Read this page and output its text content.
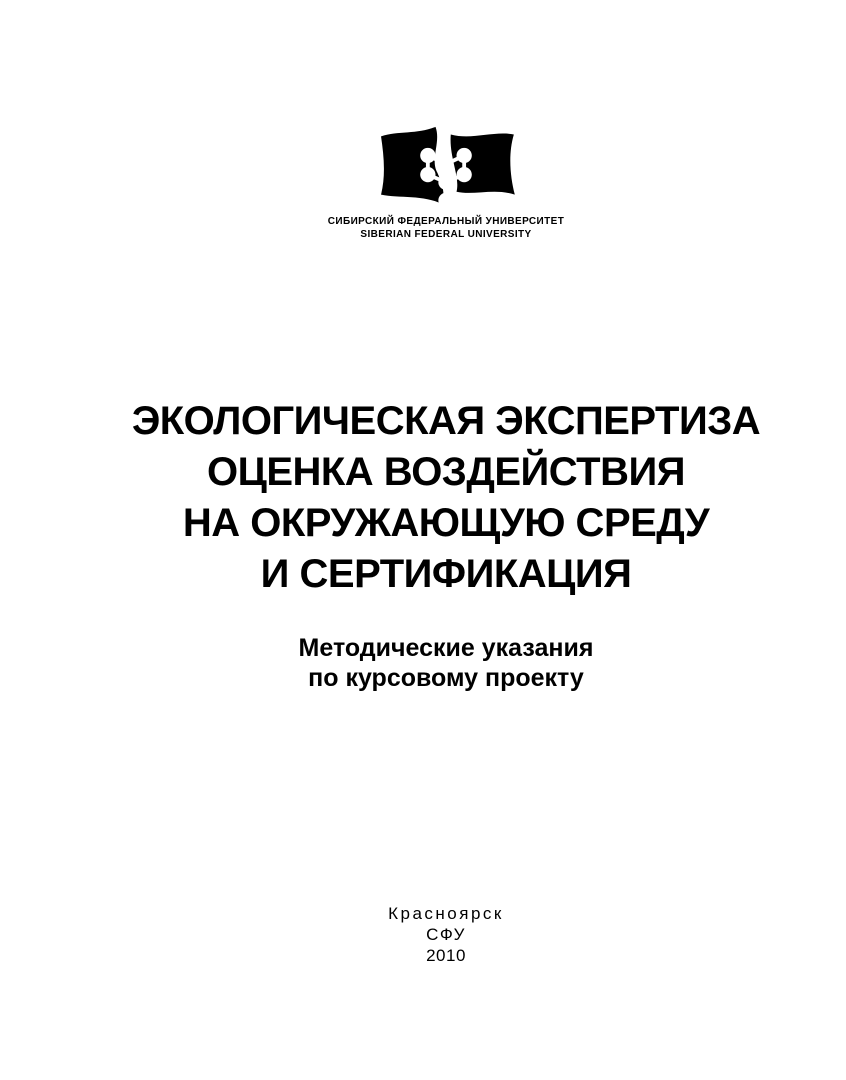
СИБИРСКИЙ ФЕДЕРАЛЬНЫЙ УНИВЕРСИТЕТ
SIBERIAN FEDERAL UNIVERSITY
ЭКОЛОГИЧЕСКАЯ ЭКСПЕРТИЗА
ОЦЕНКА ВОЗДЕЙСТВИЯ
НА ОКРУЖАЮЩУЮ СРЕДУ
И СЕРТИФИКАЦИЯ
Методические указания
по курсовому проекту
Красноярск
СФУ
2010
